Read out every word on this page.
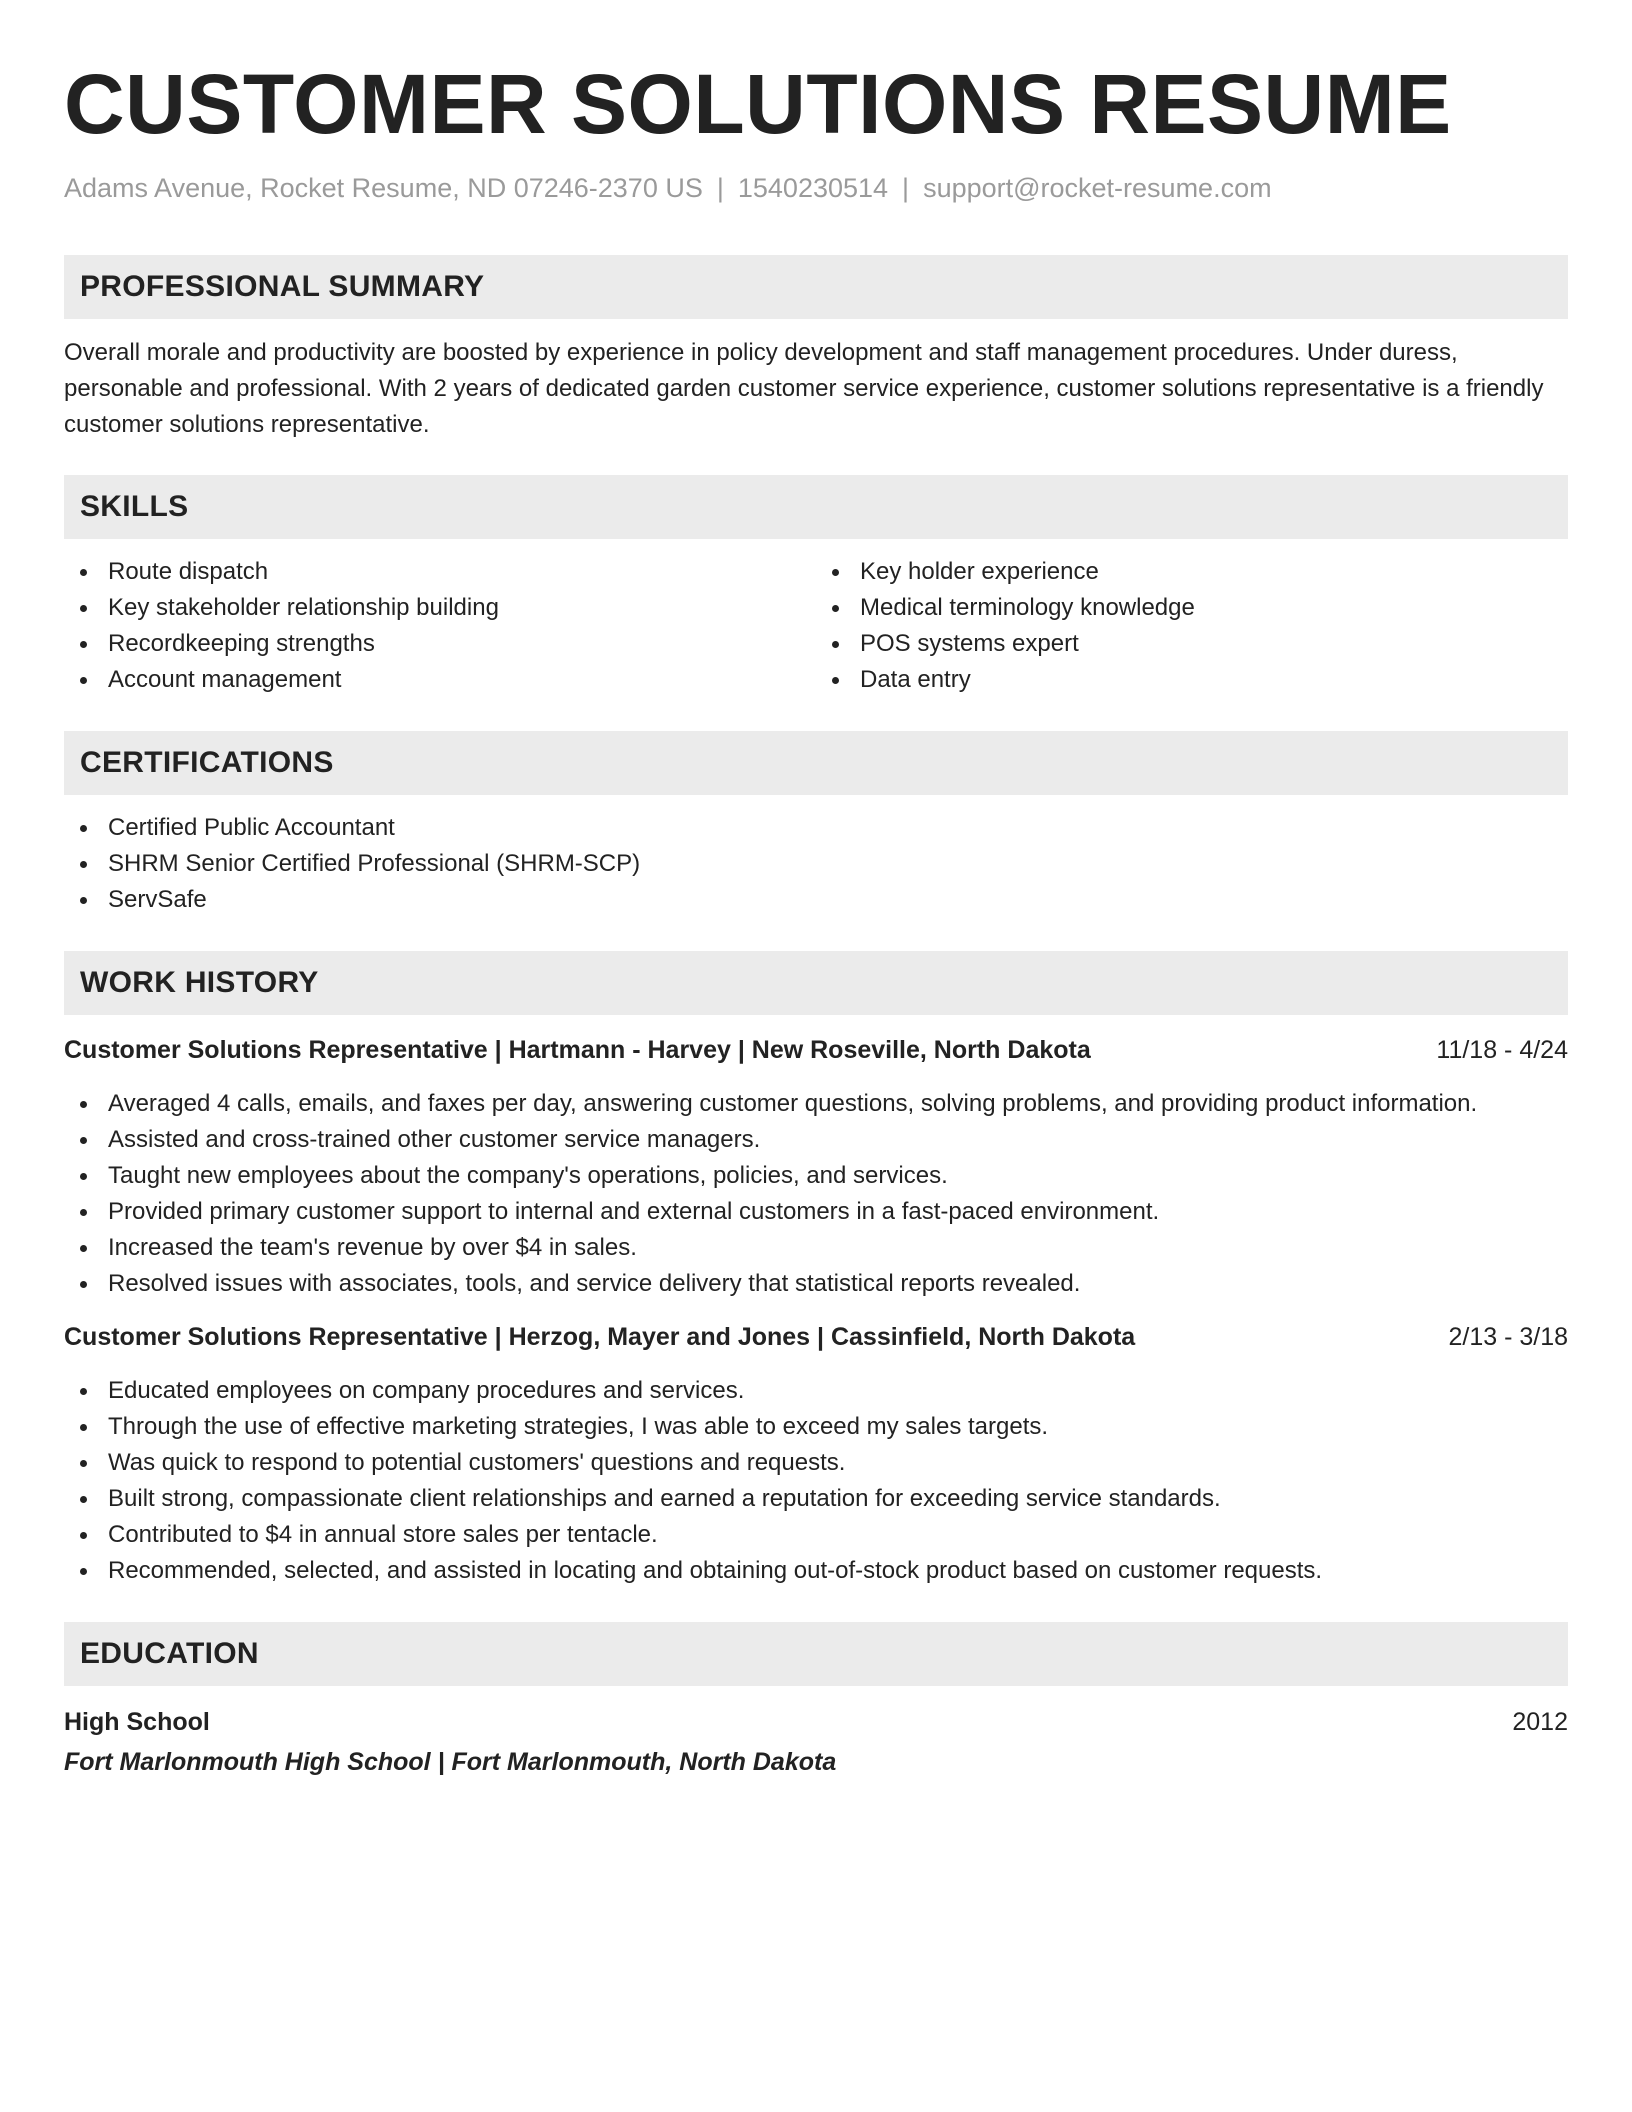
CUSTOMER SOLUTIONS RESUME
Adams Avenue, Rocket Resume, ND 07246-2370 US | 1540230514 | support@rocket-resume.com
PROFESSIONAL SUMMARY

Overall morale and productivity are boosted by experience in policy development and staff management procedures. Under duress, personable and professional. With 2 years of dedicated garden customer service experience, customer solutions representative is a friendly customer solutions representative.

SKILLS
Route dispatch
Key stakeholder relationship building
Recordkeeping strengths
Account management
Key holder experience
Medical terminology knowledge
POS systems expert
Data entry
CERTIFICATIONS
Certified Public Accountant
SHRM Senior Certified Professional (SHRM-SCP)
ServSafe
WORK HISTORY
Customer Solutions Representative | Hartmann - Harvey | New Roseville, North Dakota	11/18 - 4/24
Averaged 4 calls, emails, and faxes per day, answering customer questions, solving problems, and providing product information.
Assisted and cross-trained other customer service managers.
Taught new employees about the company's operations, policies, and services.
Provided primary customer support to internal and external customers in a fast-paced environment.
Increased the team's revenue by over $4 in sales.
Resolved issues with associates, tools, and service delivery that statistical reports revealed.
Customer Solutions Representative | Herzog, Mayer and Jones | Cassinfield, North Dakota	2/13 - 3/18
Educated employees on company procedures and services.
Through the use of effective marketing strategies, I was able to exceed my sales targets.
Was quick to respond to potential customers' questions and requests.
Built strong, compassionate client relationships and earned a reputation for exceeding service standards.
Contributed to $4 in annual store sales per tentacle.
Recommended, selected, and assisted in locating and obtaining out-of-stock product based on customer requests.
EDUCATION
High School	2012
Fort Marlonmouth High School | Fort Marlonmouth, North Dakota
